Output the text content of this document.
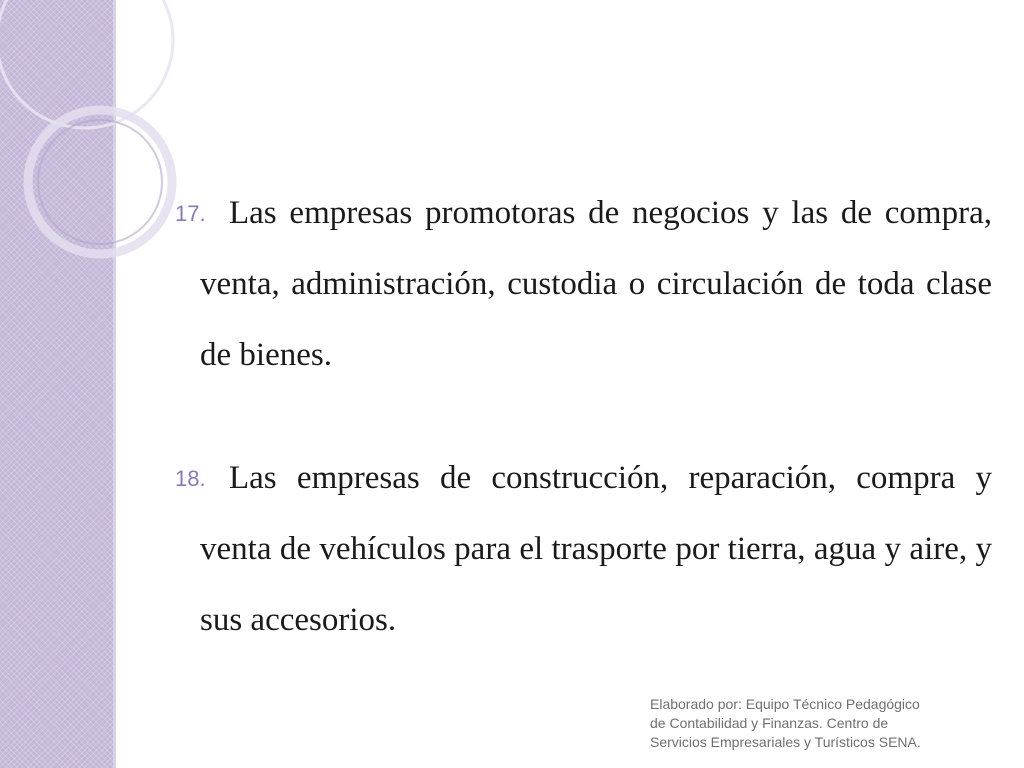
17. Las empresas promotoras de negocios y las de compra, venta, administración, custodia o circulación de toda clase de bienes.
18. Las empresas de construcción, reparación, compra y venta de vehículos para el trasporte por tierra, agua y aire, y sus accesorios.
Elaborado por: Equipo Técnico Pedagógico
de Contabilidad y Finanzas. Centro de
Servicios Empresariales y Turísticos SENA.
